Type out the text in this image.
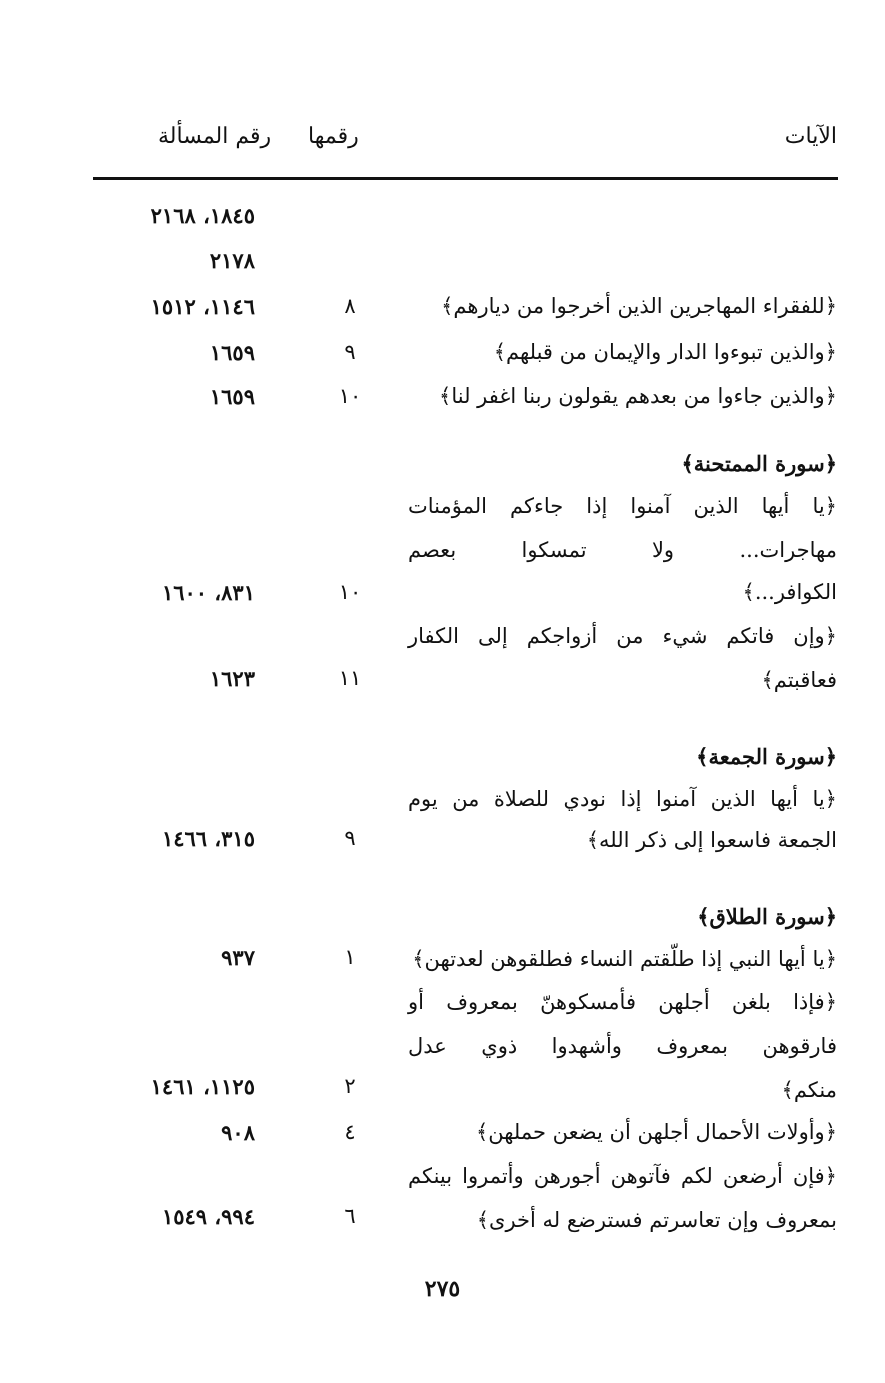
الآيات
رقمها
رقم المسألة
١٨٤٥، ٢١٦٨
٢١٧٨
﴿للفقراء المهاجرين الذين أخرجوا من ديارهم﴾
٨
١١٤٦، ١٥١٢
﴿والذين تبوءوا الدار والإيمان من قبلهم﴾
٩
١٦٥٩
﴿والذين جاءوا من بعدهم يقولون ربنا اغفر لنا﴾
١٠
١٦٥٩
﴿سورة الممتحنة﴾
﴿يا أيها الذين آمنوا إذا جاءكم المؤمنات
مهاجرات... ولا تمسكوا بعصم
الكوافر...﴾
١٠
٨٣١، ١٦٠٠
﴿وإن فاتكم شيء من أزواجكم إلى الكفار
فعاقبتم﴾
١١
١٦٢٣
﴿سورة الجمعة﴾
﴿يا أيها الذين آمنوا إذا نودي للصلاة من يوم
الجمعة فاسعوا إلى ذكر الله﴾
٩
٣١٥، ١٤٦٦
﴿سورة الطلاق﴾
﴿يا أيها النبي إذا طلّقتم النساء فطلقوهن لعدتهن﴾
١
٩٣٧
﴿فإذا بلغن أجلهن فأمسكوهنّ بمعروف أو
فارقوهن بمعروف وأشهدوا ذوي عدل
منكم﴾
٢
١١٢٥، ١٤٦١
﴿وأولات الأحمال أجلهن أن يضعن حملهن﴾
٤
٩٠٨
﴿فإن أرضعن لكم فآتوهن أجورهن وأتمروا بينكم
بمعروف وإن تعاسرتم فسترضع له أخرى﴾
٦
٩٩٤، ١٥٤٩
٢٧٥
